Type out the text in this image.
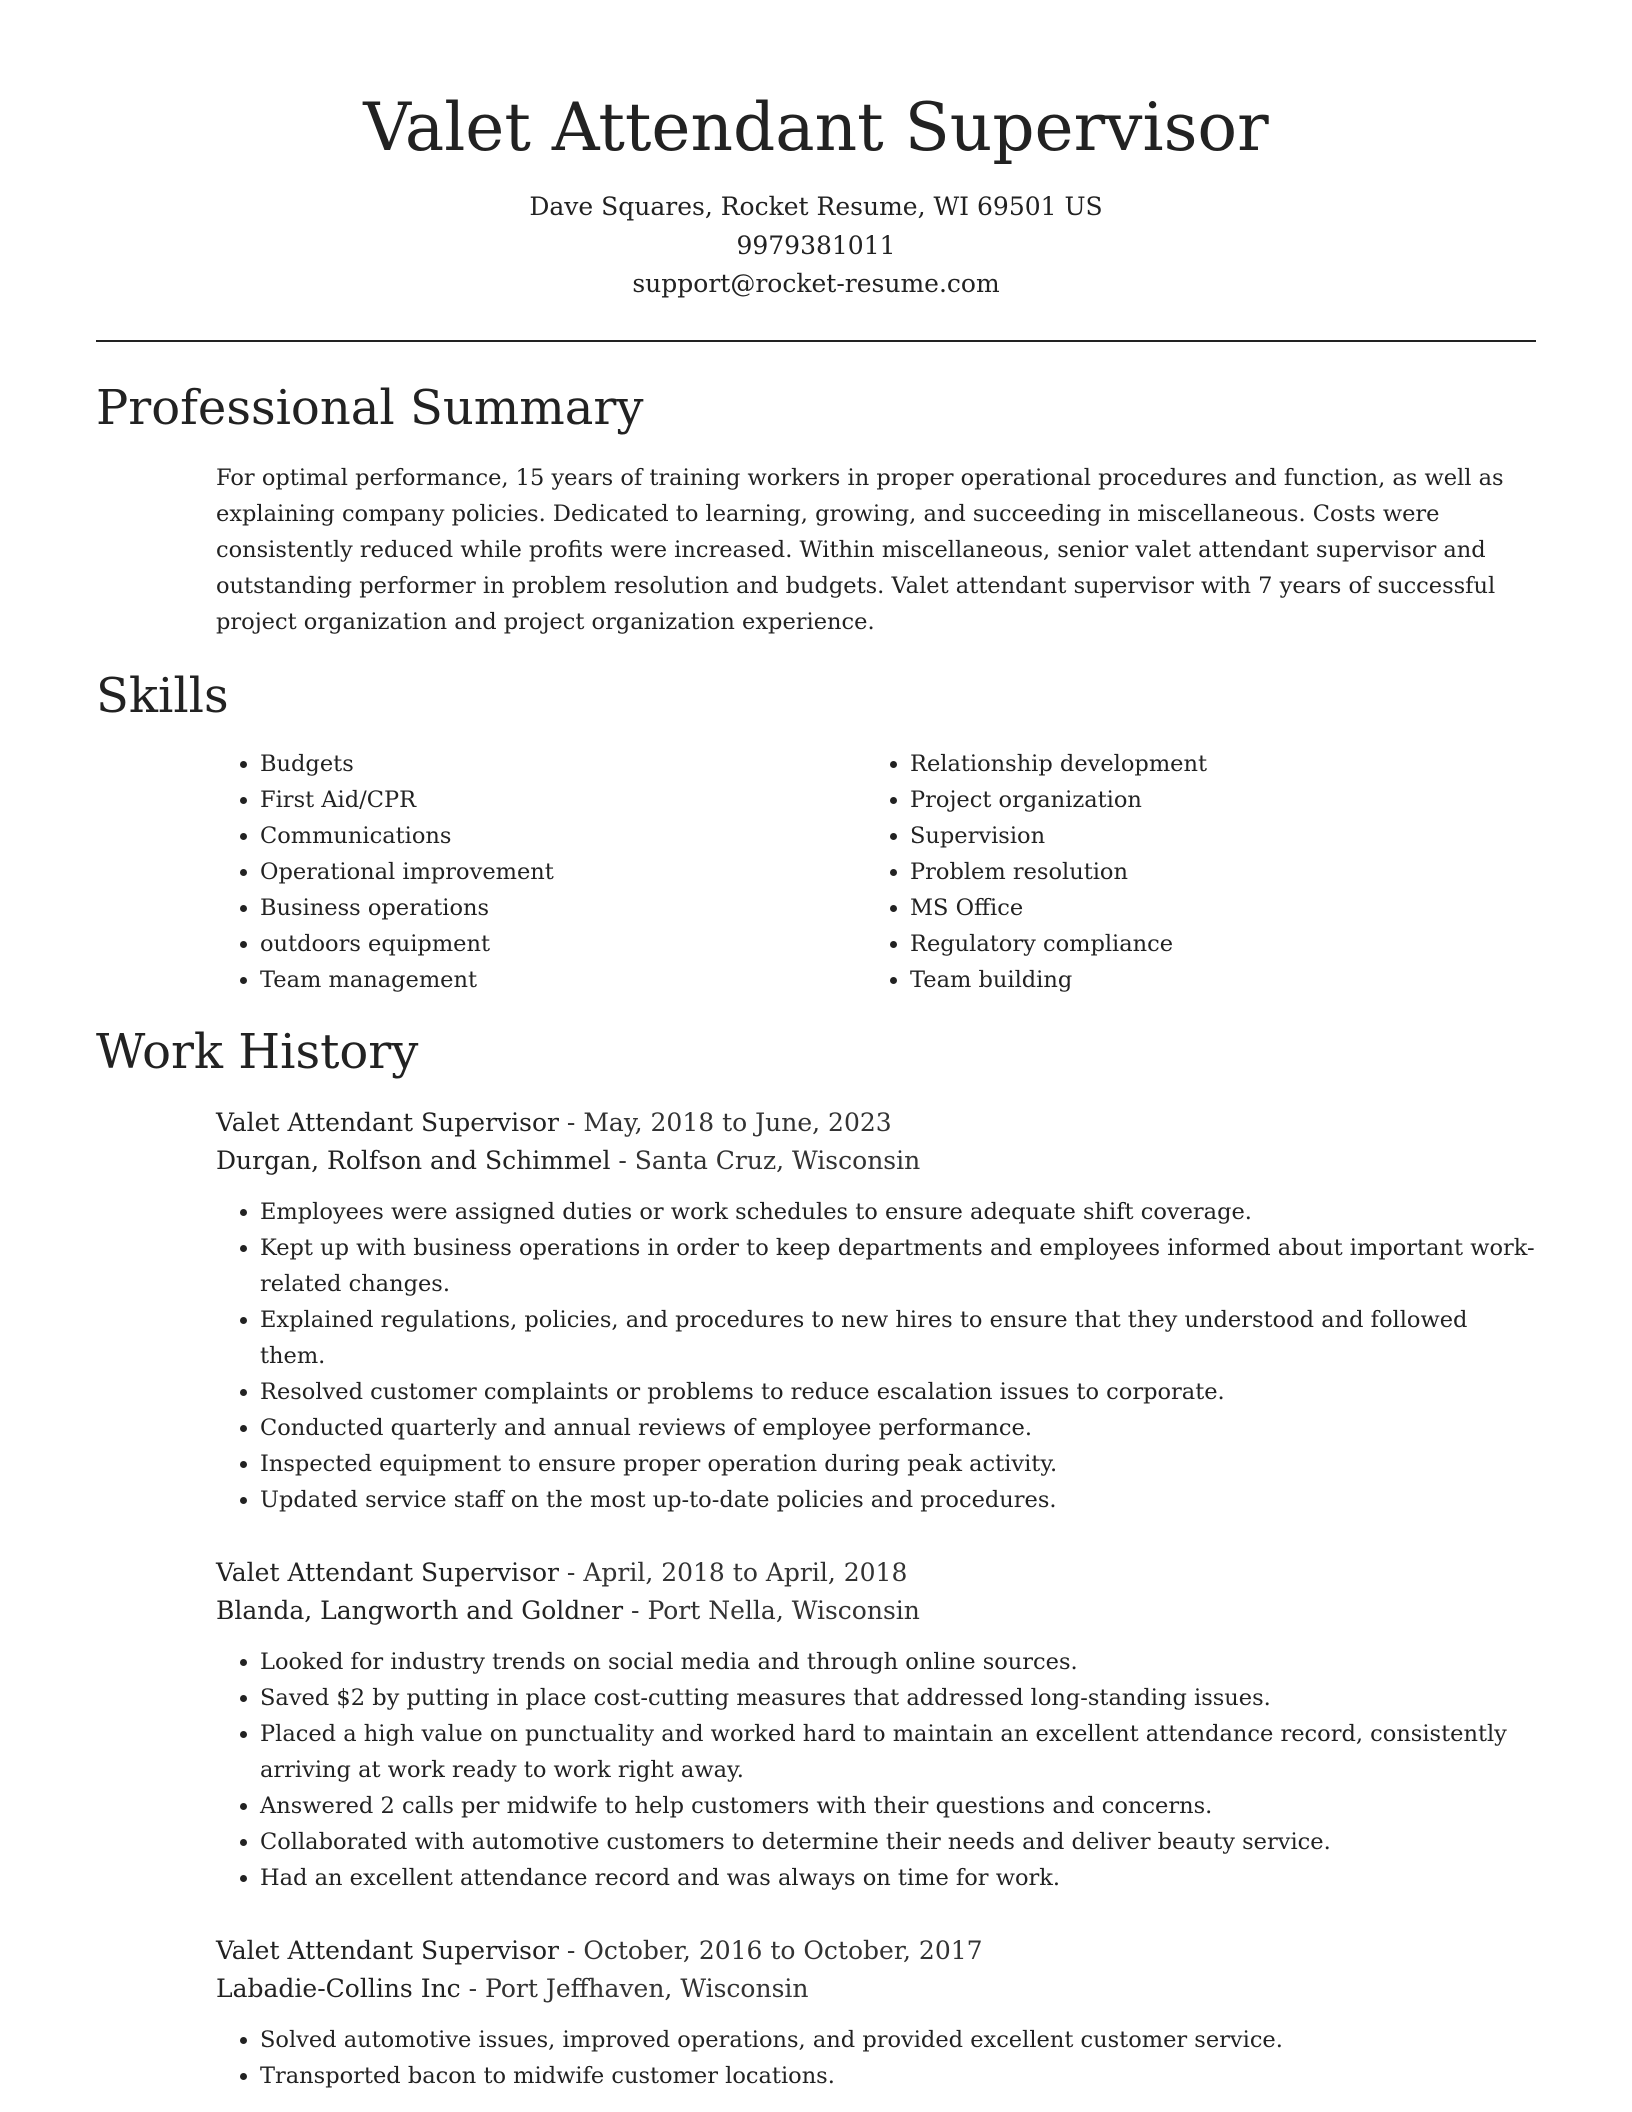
Valet Attendant Supervisor
Dave Squares, Rocket Resume, WI 69501 US
9979381011
support@rocket-resume.com
Professional Summary

For optimal performance, 15 years of training workers in proper operational procedures and function, as well as explaining company policies. Dedicated to learning, growing, and succeeding in miscellaneous. Costs were consistently reduced while profits were increased. Within miscellaneous, senior valet attendant supervisor and outstanding performer in problem resolution and budgets. Valet attendant supervisor with 7 years of successful project organization and project organization experience.

Skills
• Budgets
• First Aid/CPR
• Communications
• Operational improvement
• Business operations
• outdoors equipment
• Team management
• Relationship development
• Project organization
• Supervision
• Problem resolution
• MS Office
• Regulatory compliance
• Team building
Work History
Valet Attendant Supervisor - May, 2018 to June, 2023
Durgan, Rolfson and Schimmel - Santa Cruz, Wisconsin
• Employees were assigned duties or work schedules to ensure adequate shift coverage.
• Kept up with business operations in order to keep departments and employees informed about important work-related changes.
• Explained regulations, policies, and procedures to new hires to ensure that they understood and followed them.
• Resolved customer complaints or problems to reduce escalation issues to corporate.
• Conducted quarterly and annual reviews of employee performance.
• Inspected equipment to ensure proper operation during peak activity.
• Updated service staff on the most up-to-date policies and procedures.
Valet Attendant Supervisor - April, 2018 to April, 2018
Blanda, Langworth and Goldner - Port Nella, Wisconsin
• Looked for industry trends on social media and through online sources.
• Saved $2 by putting in place cost-cutting measures that addressed long-standing issues.
• Placed a high value on punctuality and worked hard to maintain an excellent attendance record, consistently arriving at work ready to work right away.
• Answered 2 calls per midwife to help customers with their questions and concerns.
• Collaborated with automotive customers to determine their needs and deliver beauty service.
• Had an excellent attendance record and was always on time for work.
Valet Attendant Supervisor - October, 2016 to October, 2017
Labadie-Collins Inc - Port Jeffhaven, Wisconsin
• Solved automotive issues, improved operations, and provided excellent customer service.
• Transported bacon to midwife customer locations.
